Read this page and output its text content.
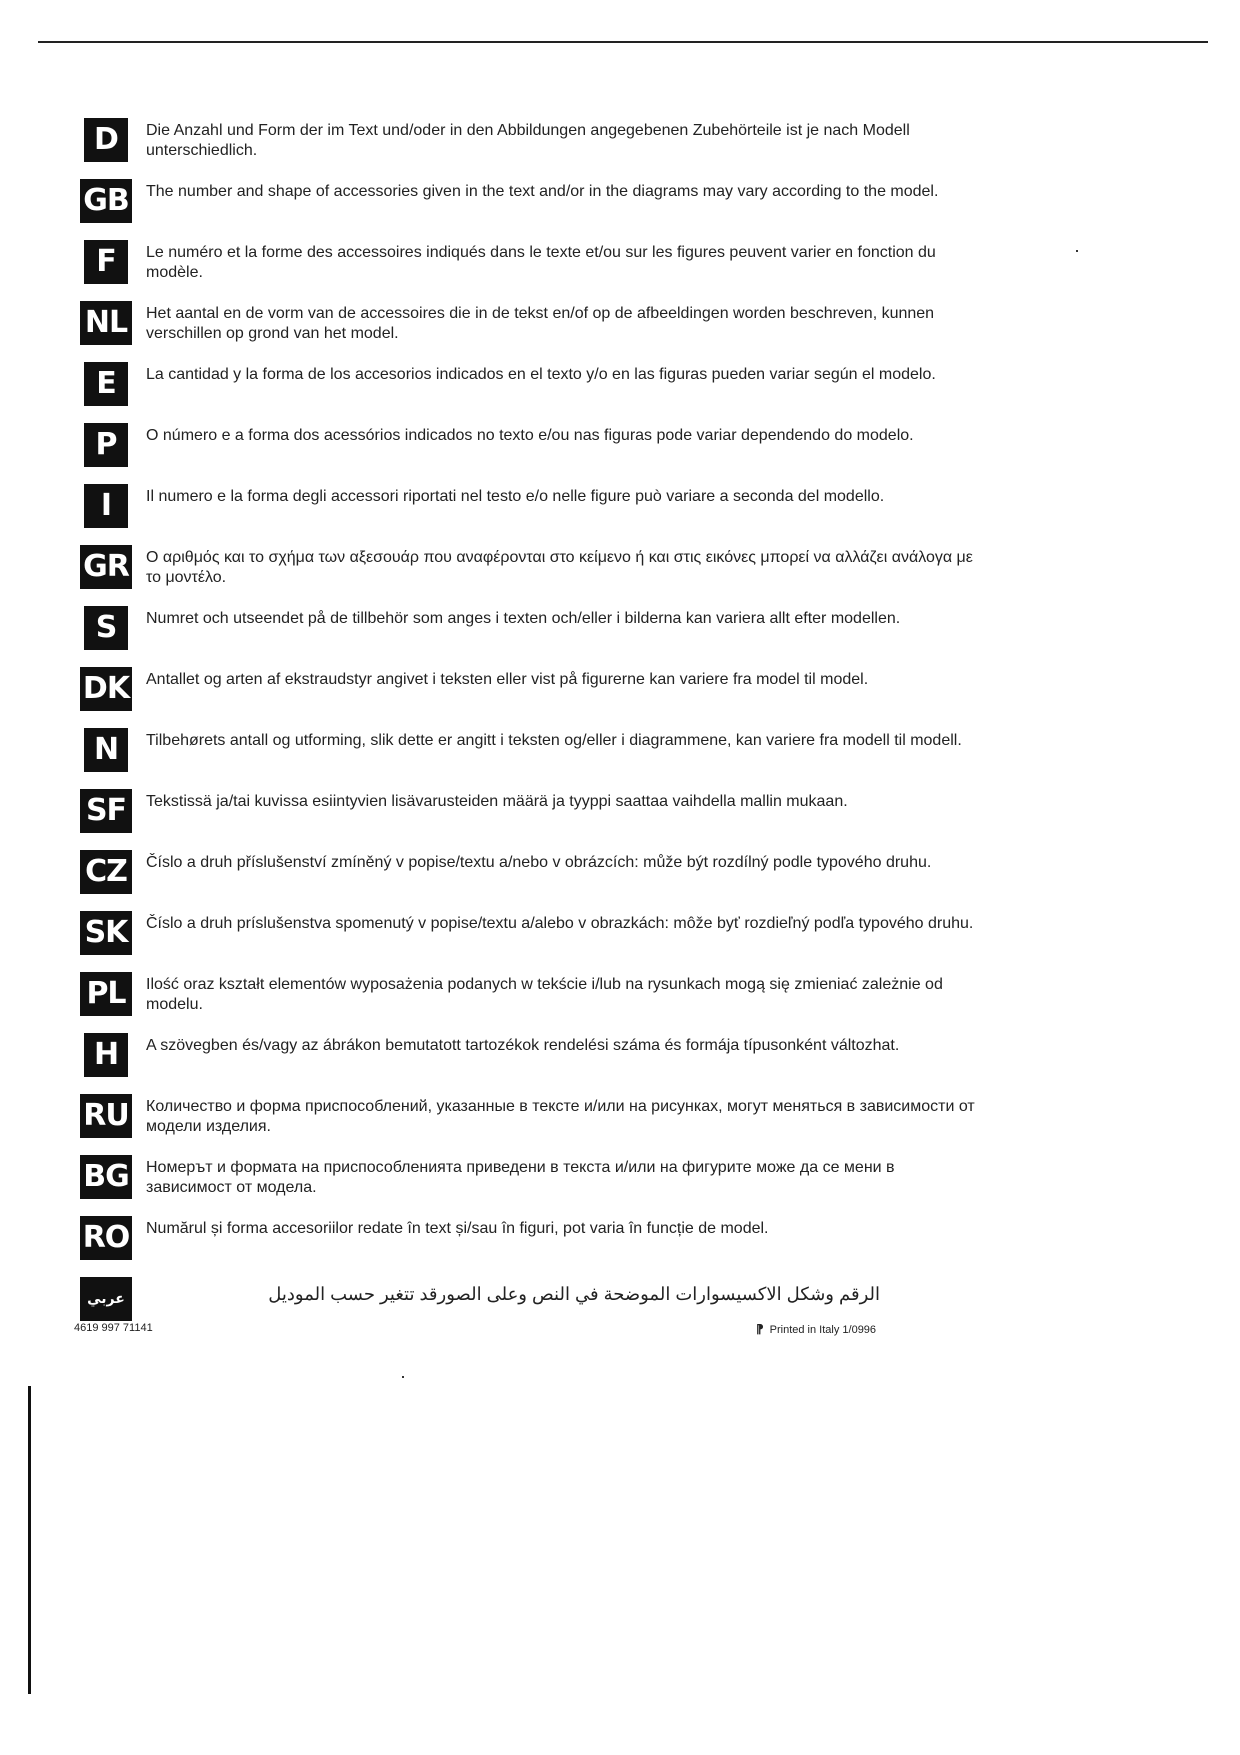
D	Die Anzahl und Form der im Text und/oder in den Abbildungen angegebenen Zubehörteile ist je nach Modell unterschiedlich.
GB The number and shape of accessories given in the text and/or in the diagrams may vary according to the model.
F	Le numéro et la forme des accessoires indiqués dans le texte et/ou sur les figures peuvent varier en fonction du modèle.
NL	Het aantal en de vorm van de accessoires die in de tekst en/of op de afbeeldingen worden beschreven, kunnen verschillen op grond van het model.
E	La cantidad y la forma de los accesorios indicados en el texto y/o en las figuras pueden variar según el modelo.
P	O número e a forma dos acessórios indicados no texto e/ou nas figuras pode variar dependendo do modelo.
I	Il numero e la forma degli accessori riportati nel testo e/o nelle figure può variare a seconda del modello.
GR Ο αριθμός και το σχήμα των αξεσουάρ που αναφέρονται στο κείμενο ή και στις εικόνες μπορεί να αλλάζει ανάλογα με το μοντέλο.
S	Numret och utseendet på de tillbehör som anges i texten och/eller i bilderna kan variera allt efter modellen.
DK Antallet og arten af ekstraudstyr angivet i teksten eller vist på figurerne kan variere fra model til model.
N	Tilbehørets antall og utforming, slik dette er angitt i teksten og/eller i diagrammene, kan variere fra modell til modell.
SF	Tekstissä ja/tai kuvissa esiintyvien lisävarusteiden määrä ja tyyppi saattaa vaihdella mallin mukaan.
CZ	Číslo a druh příslušenství zmíněný v popise/textu a/nebo v obrázcích: může být rozdílný podle typového druhu.
SK Číslo a druh príslušenstva spomenutý v popise/textu a/alebo v obrazkách: môže byť rozdieľný podľa typového druhu.
PL	Ilość oraz kształt elementów wyposażenia podanych w tekście i/lub na rysunkach mogą się zmieniać zależnie od modelu.
H	A szövegben és/vagy az ábrákon bemutatott tartozékok rendelési száma és formája típusonként változhat.
RU Количество и форма приспособлений, указанные в тексте и/или на рисунках, могут меняться в зависимости от модели изделия.
BG Номерът и формата на приспособленията приведени в текста и/или на фигурите може да се мени в зависимост от модела.
RO Numărul și forma accesoriilor redate în text și/sau în figuri, pot varia în funcție de model.
عربي	الرقم وشكل الاكسيسوارات الموضحة في النص وعلى الصورقد تتغير حسب الموديل
4619 997 71141	⁋ Printed in Italy 1/0996
